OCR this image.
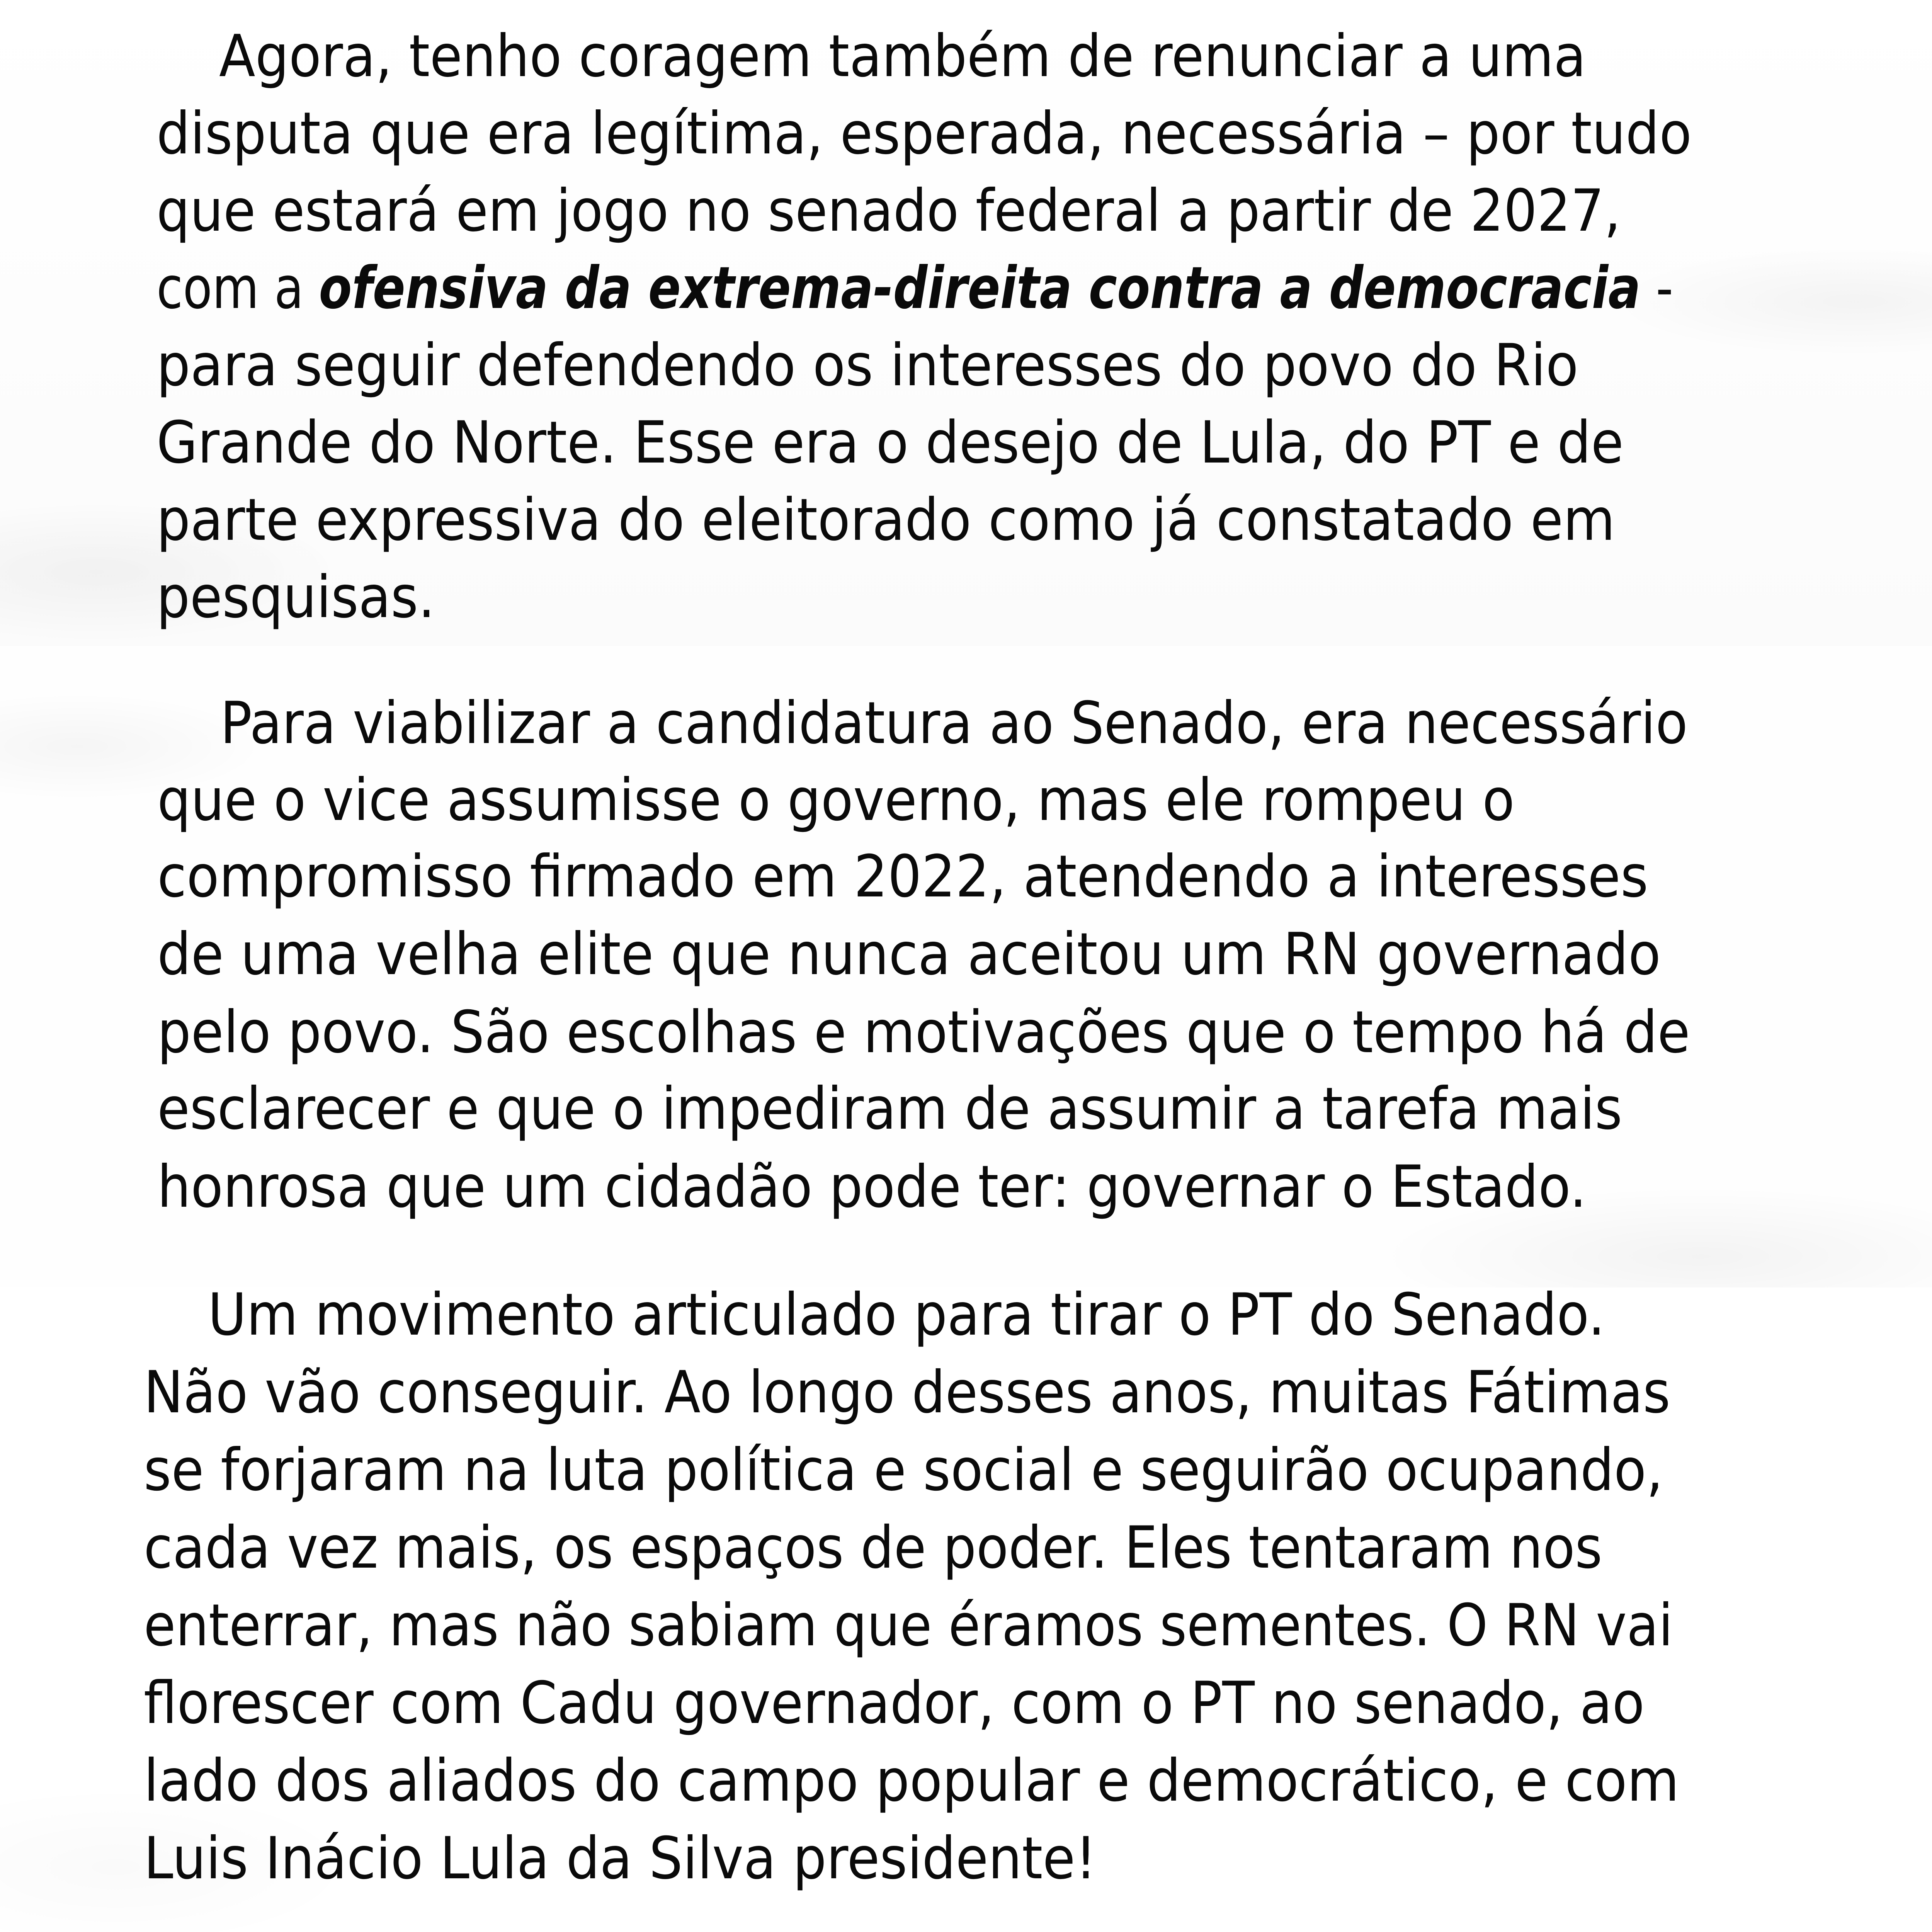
Agora, tenho coragem também de renunciar a uma
disputa que era legítima, esperada, necessária – por tudo
que estará em jogo no senado federal a partir de 2027,
com a ofensiva da extrema-direita contra a democracia -
para seguir defendendo os interesses do povo do Rio
Grande do Norte. Esse era o desejo de Lula, do PT e de
parte expressiva do eleitorado como já constatado em
pesquisas.
Para viabilizar a candidatura ao Senado, era necessário
que o vice assumisse o governo, mas ele rompeu o
compromisso firmado em 2022, atendendo a interesses
de uma velha elite que nunca aceitou um RN governado
pelo povo. São escolhas e motivações que o tempo há de
esclarecer e que o impediram de assumir a tarefa mais
honrosa que um cidadão pode ter: governar o Estado.
Um movimento articulado para tirar o PT do Senado.
Não vão conseguir. Ao longo desses anos, muitas Fátimas
se forjaram na luta política e social e seguirão ocupando,
cada vez mais, os espaços de poder. Eles tentaram nos
enterrar, mas não sabiam que éramos sementes. O RN vai
florescer com Cadu governador, com o PT no senado, ao
lado dos aliados do campo popular e democrático, e com
Luis Inácio Lula da Silva presidente!
